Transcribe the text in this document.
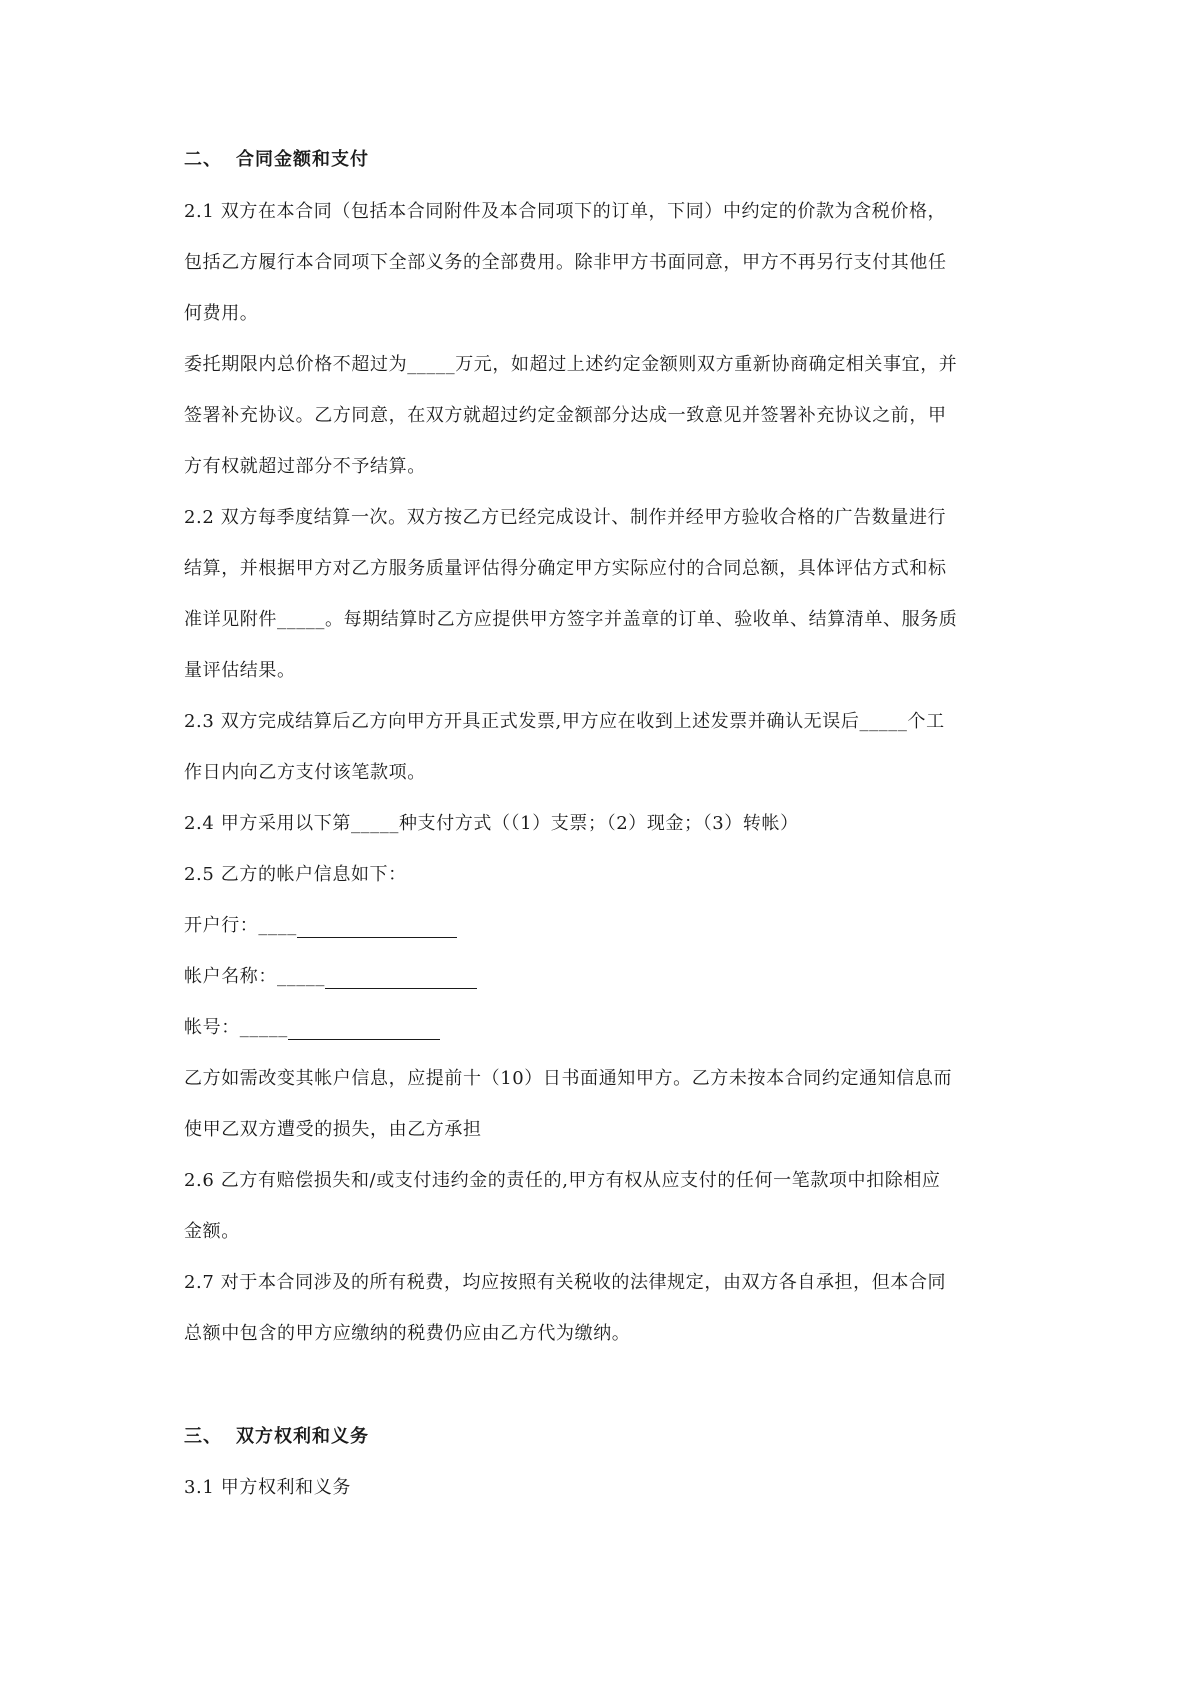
二、 合同金额和支付
2.1 双方在本合同（包括本合同附件及本合同项下的订单，下同）中约定的价款为含税价格，
包括乙方履行本合同项下全部义务的全部费用。除非甲方书面同意，甲方不再另行支付其他任
何费用。
委托期限内总价格不超过为_____万元，如超过上述约定金额则双方重新协商确定相关事宜，并
签署补充协议。乙方同意，在双方就超过约定金额部分达成一致意见并签署补充协议之前，甲
方有权就超过部分不予结算。
2.2 双方每季度结算一次。双方按乙方已经完成设计、制作并经甲方验收合格的广告数量进行
结算，并根据甲方对乙方服务质量评估得分确定甲方实际应付的合同总额，具体评估方式和标
准详见附件_____。每期结算时乙方应提供甲方签字并盖章的订单、验收单、结算清单、服务质
量评估结果。
2.3 双方完成结算后乙方向甲方开具正式发票,甲方应在收到上述发票并确认无误后_____个工
作日内向乙方支付该笔款项。
2.4 甲方采用以下第_____种支付方式（（1）支票；（2）现金；（3）转帐）
2.5 乙方的帐户信息如下：
开户行：____
帐户名称：_____
帐号：_____
乙方如需改变其帐户信息，应提前十（10）日书面通知甲方。乙方未按本合同约定通知信息而
使甲乙双方遭受的损失，由乙方承担
2.6 乙方有赔偿损失和/或支付违约金的责任的,甲方有权从应支付的任何一笔款项中扣除相应
金额。
2.7 对于本合同涉及的所有税费，均应按照有关税收的法律规定，由双方各自承担，但本合同
总额中包含的甲方应缴纳的税费仍应由乙方代为缴纳。
三、 双方权利和义务
3.1 甲方权利和义务
